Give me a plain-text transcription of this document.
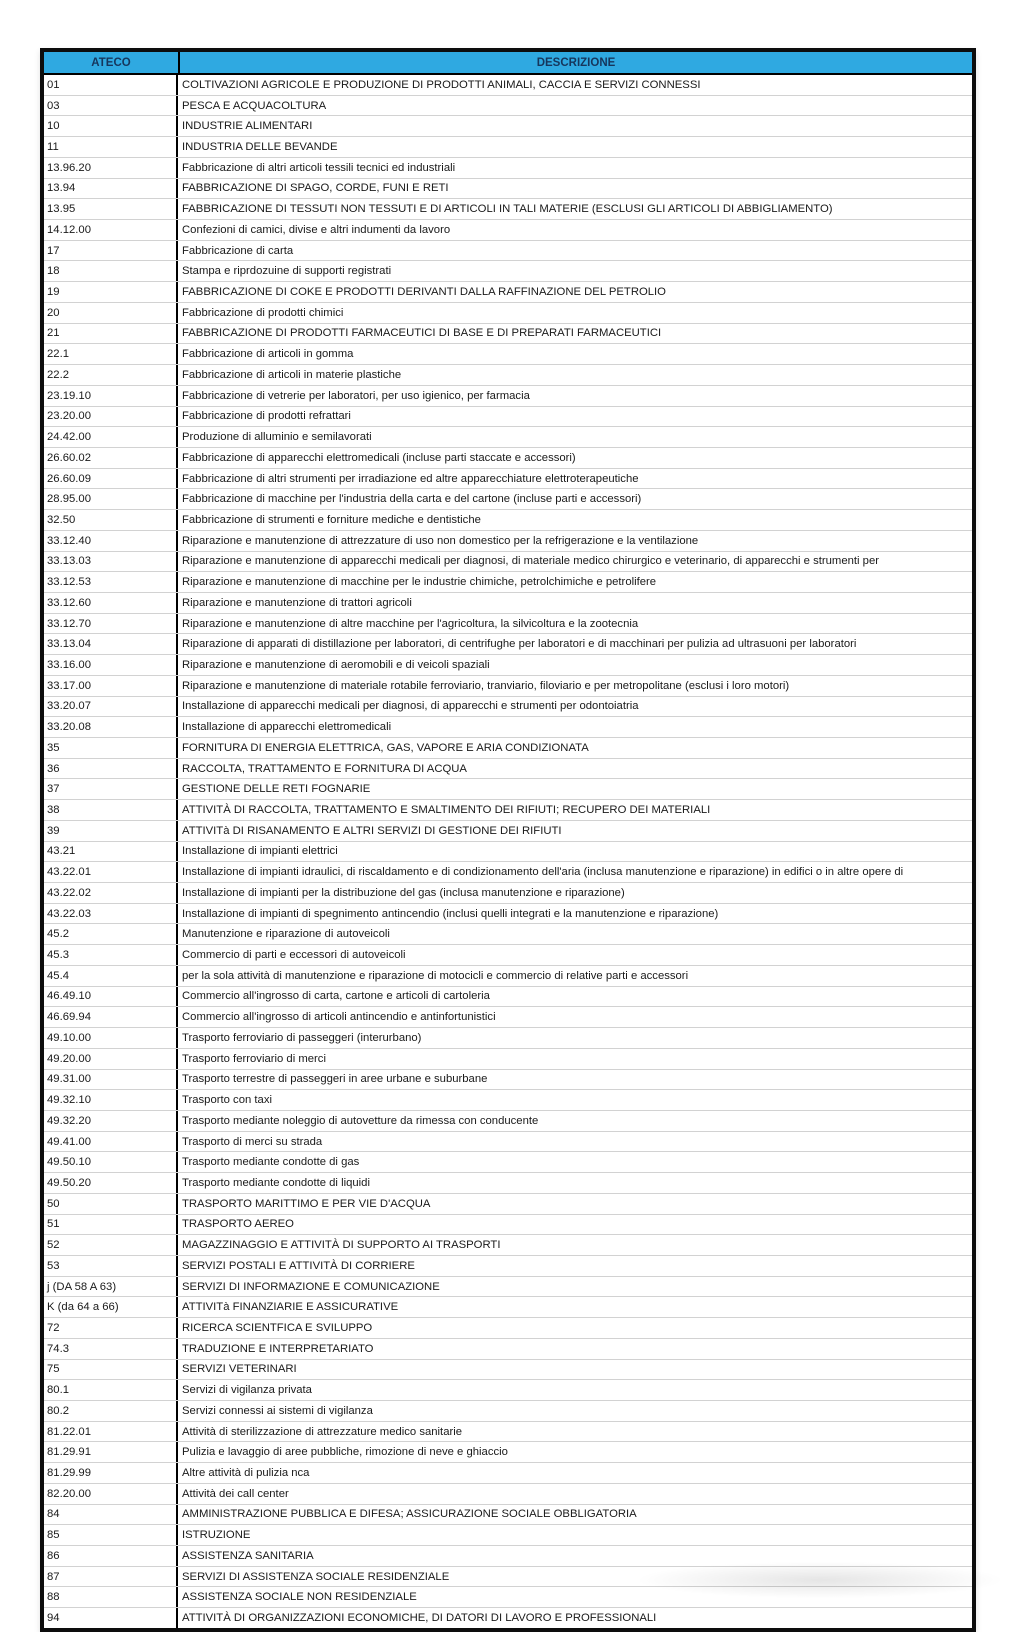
ATECO	DESCRIZIONE
01	COLTIVAZIONI AGRICOLE E PRODUZIONE DI PRODOTTI ANIMALI, CACCIA E SERVIZI CONNESSI
03	PESCA E ACQUACOLTURA
10	INDUSTRIE ALIMENTARI
11	INDUSTRIA DELLE BEVANDE
13.96.20	Fabbricazione di altri articoli tessili tecnici ed industriali
13.94	FABBRICAZIONE DI SPAGO, CORDE, FUNI E RETI
13.95	FABBRICAZIONE DI TESSUTI NON TESSUTI E DI ARTICOLI IN TALI MATERIE (ESCLUSI GLI ARTICOLI DI ABBIGLIAMENTO)
14.12.00	Confezioni di camici, divise e altri indumenti da lavoro
17	Fabbricazione di carta
18	Stampa e riprdozuine di supporti registrati
19	FABBRICAZIONE DI COKE E PRODOTTI DERIVANTI DALLA RAFFINAZIONE DEL PETROLIO
20	Fabbricazione di prodotti chimici
21	FABBRICAZIONE DI PRODOTTI FARMACEUTICI DI BASE E DI PREPARATI FARMACEUTICI
22.1	Fabbricazione di articoli in gomma
22.2	Fabbricazione di articoli in materie plastiche
23.19.10	Fabbricazione di vetrerie per laboratori, per uso igienico, per farmacia
23.20.00	Fabbricazione di prodotti refrattari
24.42.00	Produzione di alluminio e semilavorati
26.60.02	Fabbricazione di apparecchi elettromedicali (incluse parti staccate e accessori)
26.60.09	Fabbricazione di altri strumenti per irradiazione ed altre apparecchiature elettroterapeutiche
28.95.00	Fabbricazione di macchine per l'industria della carta e del cartone (incluse parti e accessori)
32.50	Fabbricazione di strumenti e forniture mediche e dentistiche
33.12.40	Riparazione e manutenzione di attrezzature di uso non domestico per la refrigerazione e la ventilazione
33.13.03	Riparazione e manutenzione di apparecchi medicali per diagnosi, di materiale medico chirurgico e veterinario, di apparecchi e strumenti per
33.12.53	Riparazione e manutenzione di macchine per le industrie chimiche, petrolchimiche e petrolifere
33.12.60	Riparazione e manutenzione di trattori agricoli
33.12.70	Riparazione e manutenzione di altre macchine per l'agricoltura, la silvicoltura e la zootecnia
33.13.04	Riparazione di apparati di distillazione per laboratori, di centrifughe per laboratori e di macchinari per pulizia ad ultrasuoni per laboratori
33.16.00	Riparazione e manutenzione di aeromobili e di veicoli spaziali
33.17.00	Riparazione e manutenzione di materiale rotabile ferroviario, tranviario, filoviario e per metropolitane (esclusi i loro motori)
33.20.07	Installazione di apparecchi medicali per diagnosi, di apparecchi e strumenti per odontoiatria
33.20.08	Installazione di apparecchi elettromedicali
35	FORNITURA DI ENERGIA ELETTRICA, GAS, VAPORE E ARIA CONDIZIONATA
36	RACCOLTA, TRATTAMENTO E FORNITURA DI ACQUA
37	GESTIONE DELLE RETI FOGNARIE
38	ATTIVITÀ DI RACCOLTA, TRATTAMENTO E SMALTIMENTO DEI RIFIUTI; RECUPERO DEI MATERIALI
39	ATTIVITà DI RISANAMENTO E ALTRI SERVIZI DI GESTIONE DEI RIFIUTI
43.21	Installazione di impianti elettrici
43.22.01	Installazione di impianti idraulici, di riscaldamento e di condizionamento dell'aria (inclusa manutenzione e riparazione) in edifici o in altre opere di
43.22.02	Installazione di impianti per la distribuzione del gas (inclusa manutenzione e riparazione)
43.22.03	Installazione di impianti di spegnimento antincendio (inclusi quelli integrati e la manutenzione e riparazione)
45.2	Manutenzione e riparazione di autoveicoli
45.3	Commercio di parti e eccessori di autoveicoli
45.4	per la sola attività di manutenzione e riparazione di motocicli e commercio di relative parti e accessori
46.49.10	Commercio all'ingrosso di carta, cartone e articoli di cartoleria
46.69.94	Commercio all'ingrosso di articoli antincendio e antinfortunistici
49.10.00	Trasporto ferroviario di passeggeri (interurbano)
49.20.00	Trasporto ferroviario di merci
49.31.00	Trasporto terrestre di passeggeri in aree urbane e suburbane
49.32.10	Trasporto con taxi
49.32.20	Trasporto mediante noleggio di autovetture da rimessa con conducente
49.41.00	Trasporto di merci su strada
49.50.10	Trasporto mediante condotte di gas
49.50.20	Trasporto mediante condotte di liquidi
50	TRASPORTO MARITTIMO E PER VIE D'ACQUA
51	TRASPORTO AEREO
52	MAGAZZINAGGIO E ATTIVITÀ DI SUPPORTO AI TRASPORTI
53	SERVIZI POSTALI E ATTIVITÀ DI CORRIERE
j (DA 58 A 63)	SERVIZI DI INFORMAZIONE E COMUNICAZIONE
K (da 64 a 66)	ATTIVITà FINANZIARIE E ASSICURATIVE
72	RICERCA SCIENTFICA E SVILUPPO
74.3	TRADUZIONE E INTERPRETARIATO
75	SERVIZI VETERINARI
80.1	Servizi di vigilanza privata
80.2	Servizi connessi ai sistemi di vigilanza
81.22.01	Attività di sterilizzazione di attrezzature medico sanitarie
81.29.91	Pulizia e lavaggio di aree pubbliche, rimozione di neve e ghiaccio
81.29.99	Altre attività di pulizia nca
82.20.00	Attività dei call center
84	AMMINISTRAZIONE PUBBLICA E DIFESA; ASSICURAZIONE SOCIALE OBBLIGATORIA
85	ISTRUZIONE
86	ASSISTENZA SANITARIA
87	SERVIZI DI ASSISTENZA SOCIALE RESIDENZIALE
88	ASSISTENZA SOCIALE NON RESIDENZIALE
94	ATTIVITÀ DI ORGANIZZAZIONI ECONOMICHE, DI DATORI DI LAVORO E PROFESSIONALI
